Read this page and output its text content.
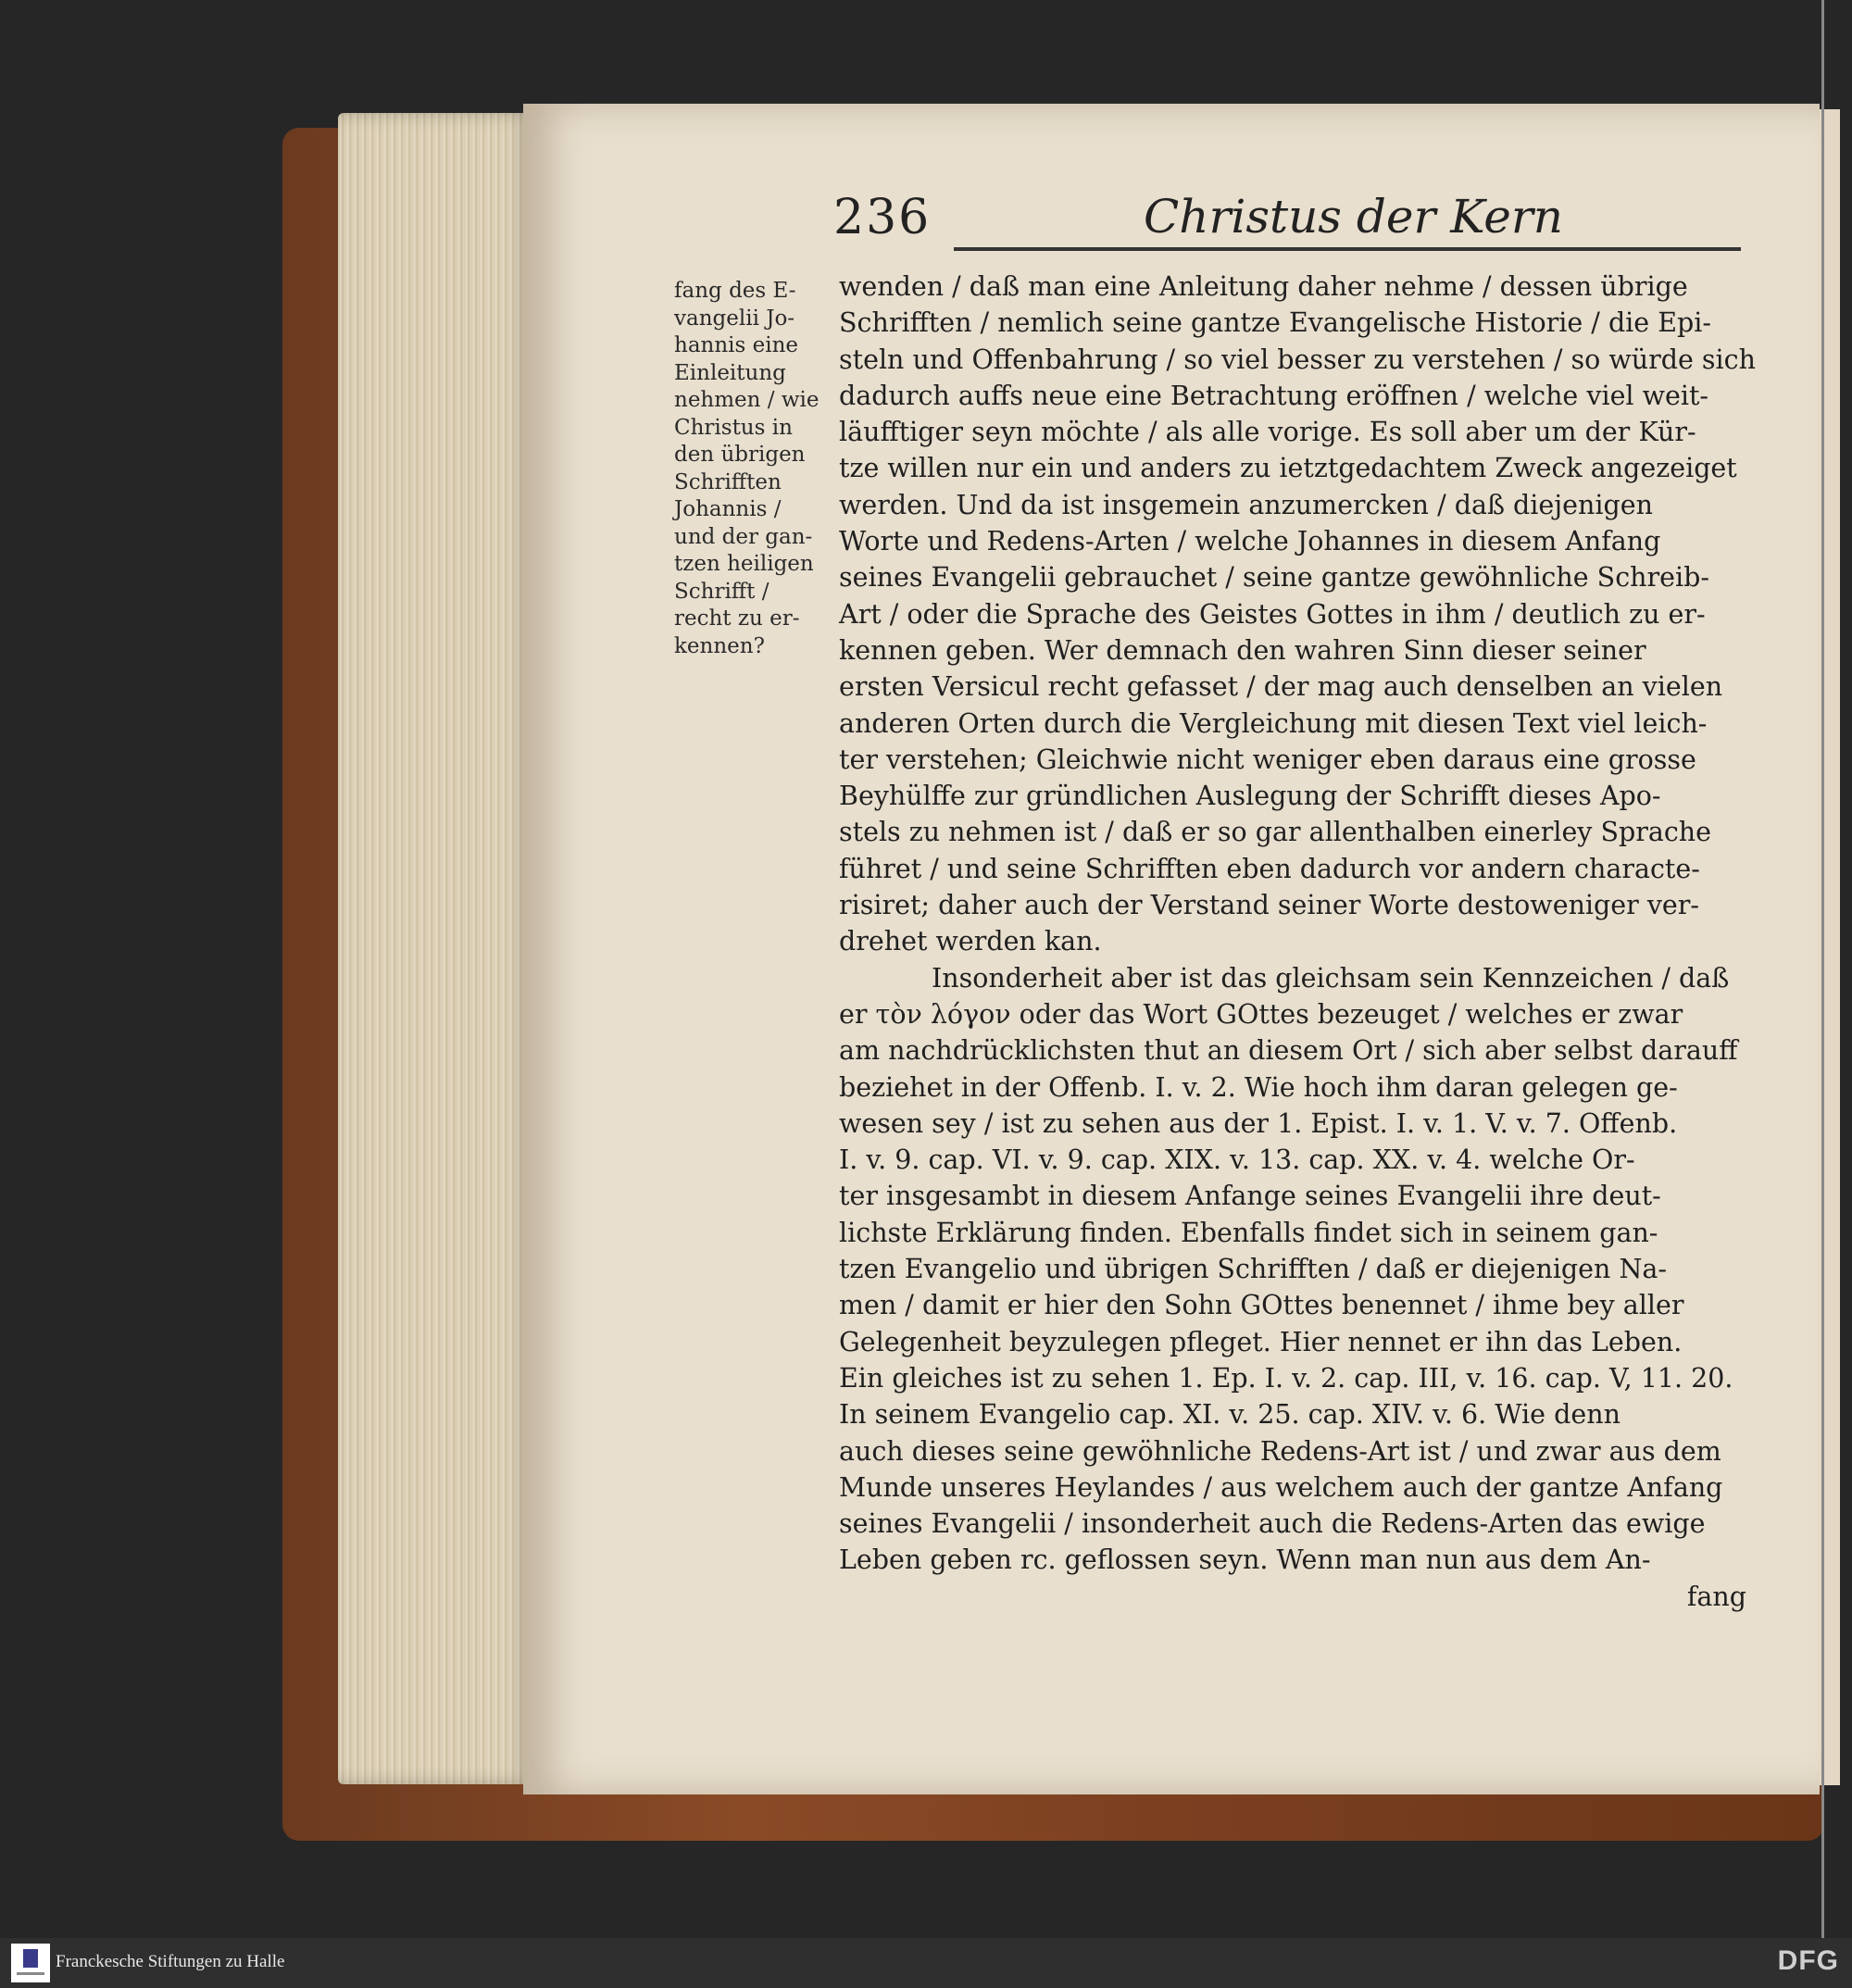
236	Christus der Kern
fang des E-
vangelii Jo-
hannis eine
Einleitung
nehmen / wie
Christus in
den übrigen
Schrifften
Johannis /
und der gan-
tzen heiligen
Schrifft /
recht zu er-
kennen?
wenden / daß man eine Anleitung daher nehme / dessen übrige
Schrifften / nemlich seine gantze Evangelische Historie / die Epi-
steln und Offenbahrung / so viel besser zu verstehen / so würde sich
dadurch auffs neue eine Betrachtung eröffnen / welche viel weit-
läufftiger seyn möchte / als alle vorige. Es soll aber um der Kür-
tze willen nur ein und anders zu ietztgedachtem Zweck angezeiget
werden. Und da ist insgemein anzumercken / daß diejenigen
Worte und Redens-Arten / welche Johannes in diesem Anfang
seines Evangelii gebrauchet / seine gantze gewöhnliche Schreib-
Art / oder die Sprache des Geistes Gottes in ihm / deutlich zu er-
kennen geben. Wer demnach den wahren Sinn dieser seiner
ersten Versicul recht gefasset / der mag auch denselben an vielen
anderen Orten durch die Vergleichung mit diesen Text viel leich-
ter verstehen; Gleichwie nicht weniger eben daraus eine grosse
Beyhülffe zur gründlichen Auslegung der Schrifft dieses Apo-
stels zu nehmen ist / daß er so gar allenthalben einerley Sprache
führet / und seine Schrifften eben dadurch vor andern characte-
risiret; daher auch der Verstand seiner Worte destoweniger ver-
drehet werden kan.
Insonderheit aber ist das gleichsam sein Kennzeichen / daß
er τὸν λόγον oder das Wort GOttes bezeuget / welches er zwar
am nachdrücklichsten thut an diesem Ort / sich aber selbst darauff
beziehet in der Offenb. I. v. 2. Wie hoch ihm daran gelegen ge-
wesen sey / ist zu sehen aus der 1. Epist. I. v. 1. V. v. 7. Offenb.
I. v. 9. cap. VI. v. 9. cap. XIX. v. 13. cap. XX. v. 4. welche Or-
ter insgesambt in diesem Anfange seines Evangelii ihre deut-
lichste Erklärung finden. Ebenfalls findet sich in seinem gan-
tzen Evangelio und übrigen Schrifften / daß er diejenigen Na-
men / damit er hier den Sohn GOttes benennet / ihme bey aller
Gelegenheit beyzulegen pfleget. Hier nennet er ihn das Leben.
Ein gleiches ist zu sehen 1. Ep. I. v. 2. cap. III, v. 16. cap. V, 11. 20.
In seinem Evangelio cap. XI. v. 25. cap. XIV. v. 6. Wie denn
auch dieses seine gewöhnliche Redens-Art ist / und zwar aus dem
Munde unseres Heylandes / aus welchem auch der gantze Anfang
seines Evangelii / insonderheit auch die Redens-Arten das ewige
Leben geben rc. geflossen seyn. Wenn man nun aus dem An-
fang
Franckesche Stiftungen zu Halle	DFG
